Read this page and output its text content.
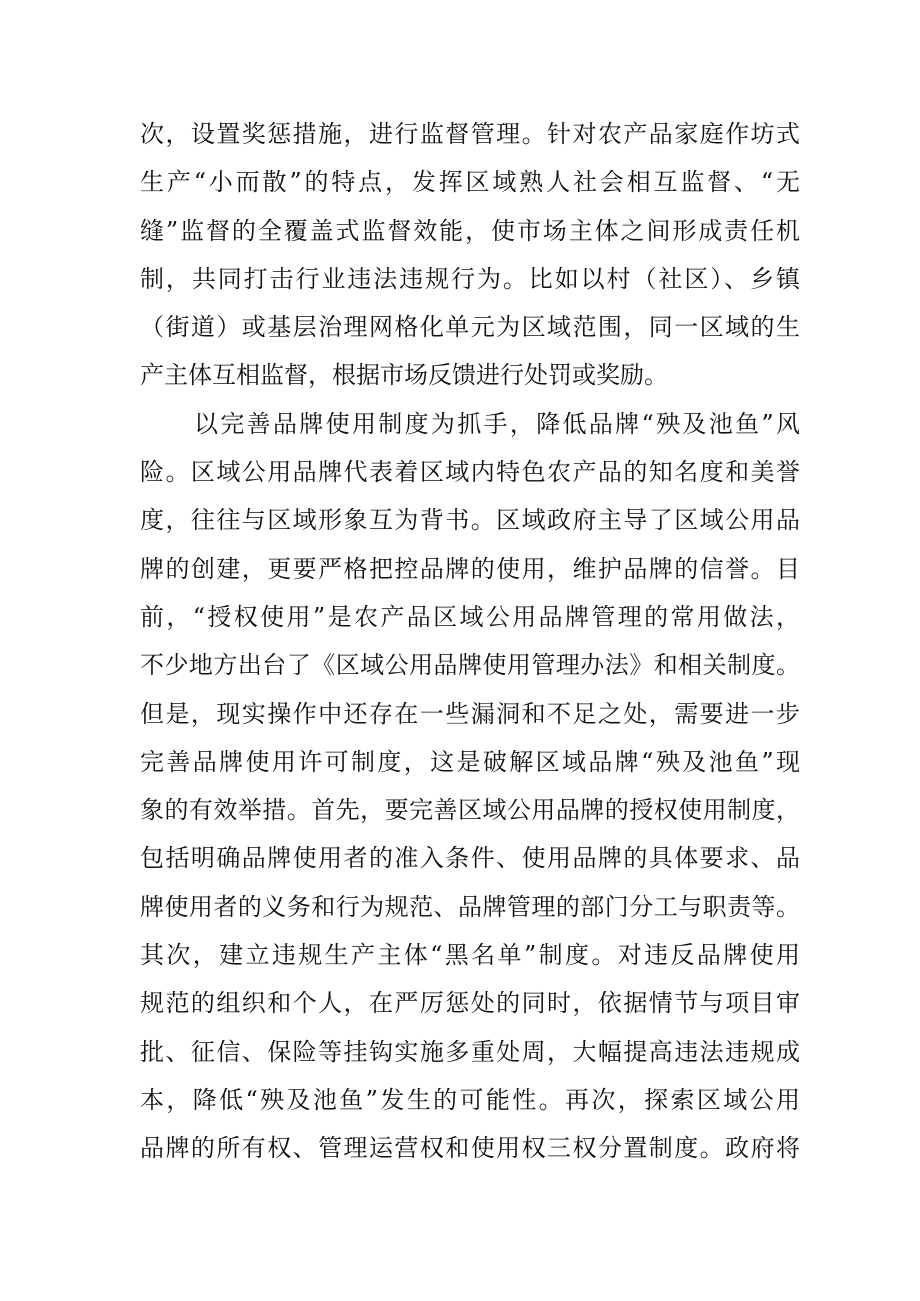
次，设置奖惩措施，进行监督管理。针对农产品家庭作坊式
生产“小而散”的特点，发挥区域熟人社会相互监督、“无
缝”监督的全覆盖式监督效能，使市场主体之间形成责任机
制，共同打击行业违法违规行为。比如以村（社区）、乡镇
（街道）或基层治理网格化单元为区域范围，同一区域的生
产主体互相监督，根据市场反馈进行处罚或奖励。
以完善品牌使用制度为抓手，降低品牌“殃及池鱼”风
险。区域公用品牌代表着区域内特色农产品的知名度和美誉
度，往往与区域形象互为背书。区域政府主导了区域公用品
牌的创建，更要严格把控品牌的使用，维护品牌的信誉。目
前，“授权使用”是农产品区域公用品牌管理的常用做法，
不少地方出台了《区域公用品牌使用管理办法》和相关制度。
但是，现实操作中还存在一些漏洞和不足之处，需要进一步
完善品牌使用许可制度，这是破解区域品牌“殃及池鱼”现
象的有效举措。首先，要完善区域公用品牌的授权使用制度，
包括明确品牌使用者的准入条件、使用品牌的具体要求、品
牌使用者的义务和行为规范、品牌管理的部门分工与职责等。
其次，建立违规生产主体“黑名单”制度。对违反品牌使用
规范的组织和个人，在严厉惩处的同时，依据情节与项目审
批、征信、保险等挂钩实施多重处周，大幅提高违法违规成
本，降低“殃及池鱼”发生的可能性。再次，探索区域公用
品牌的所有权、管理运营权和使用权三权分置制度。政府将
